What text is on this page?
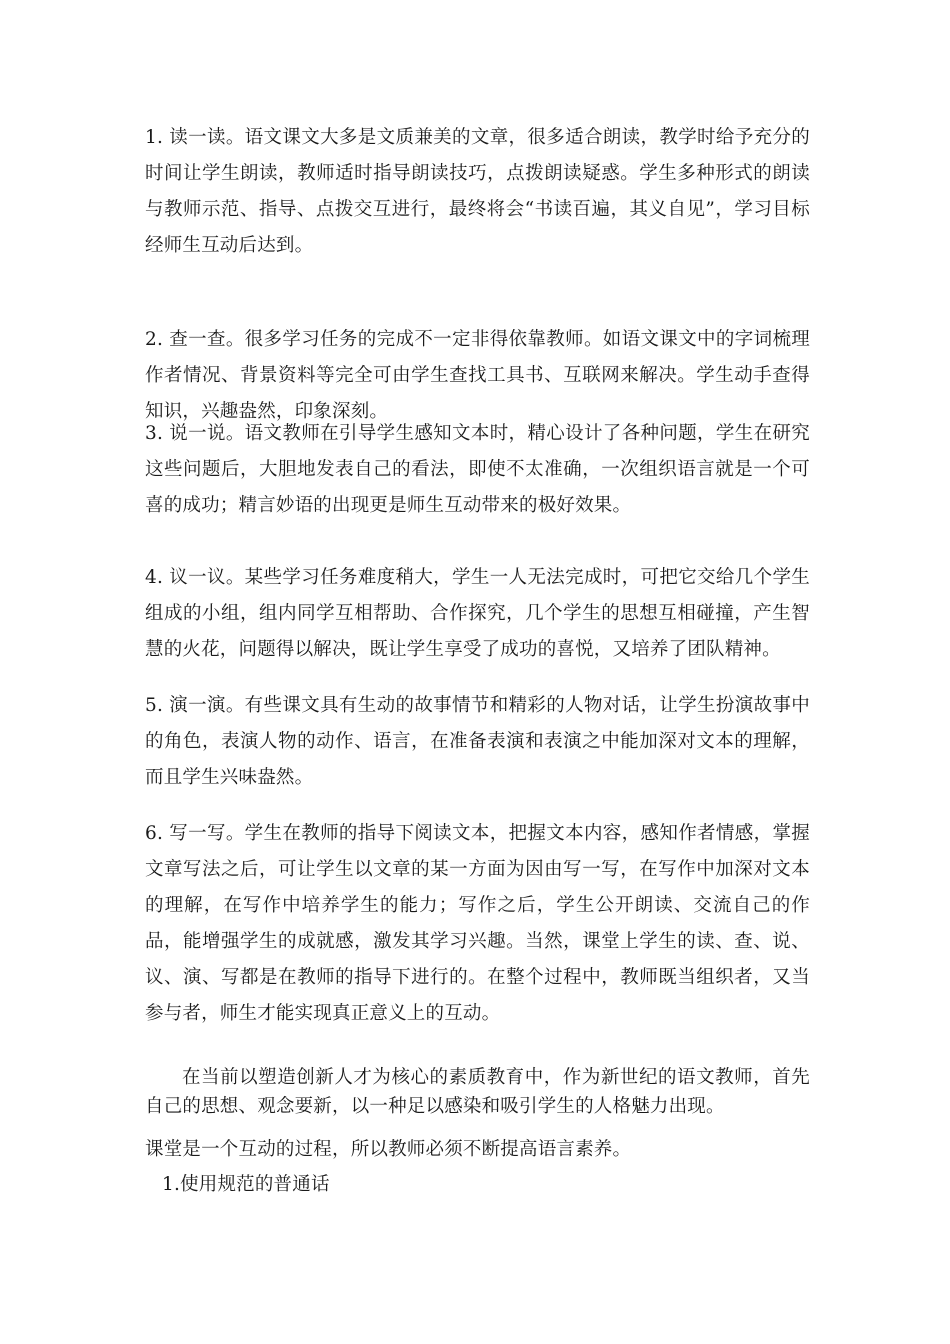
1. 读一读。语文课文大多是文质兼美的文章，很多适合朗读，教学时给予充分的时间让学生朗读，教师适时指导朗读技巧，点拨朗读疑惑。学生多种形式的朗读与教师示范、指导、点拨交互进行，最终将会“书读百遍，其义自见”，学习目标经师生互动后达到。

2. 查一查。很多学习任务的完成不一定非得依靠教师。如语文课文中的字词梳理作者情况、背景资料等完全可由学生查找工具书、互联网来解决。学生动手查得知识，兴趣盎然，印象深刻。

3. 说一说。语文教师在引导学生感知文本时，精心设计了各种问题，学生在研究这些问题后，大胆地发表自己的看法，即使不太准确，一次组织语言就是一个可喜的成功；精言妙语的出现更是师生互动带来的极好效果。

4. 议一议。某些学习任务难度稍大，学生一人无法完成时，可把它交给几个学生组成的小组，组内同学互相帮助、合作探究，几个学生的思想互相碰撞，产生智慧的火花，问题得以解决，既让学生享受了成功的喜悦，又培养了团队精神。

5. 演一演。有些课文具有生动的故事情节和精彩的人物对话，让学生扮演故事中的角色，表演人物的动作、语言，在准备表演和表演之中能加深对文本的理解，而且学生兴味盎然。

6. 写一写。学生在教师的指导下阅读文本，把握文本内容，感知作者情感，掌握文章写法之后，可让学生以文章的某一方面为因由写一写，在写作中加深对文本的理解，在写作中培养学生的能力；写作之后，学生公开朗读、交流自己的作品，能增强学生的成就感，激发其学习兴趣。当然，课堂上学生的读、查、说、议、演、写都是在教师的指导下进行的。在整个过程中，教师既当组织者，又当参与者，师生才能实现真正意义上的互动。

在当前以塑造创新人才为核心的素质教育中，作为新世纪的语文教师，首先自己的思想、观念要新，以一种足以感染和吸引学生的人格魅力出现。

课堂是一个互动的过程，所以教师必须不断提高语言素养。

1.使用规范的普通话
